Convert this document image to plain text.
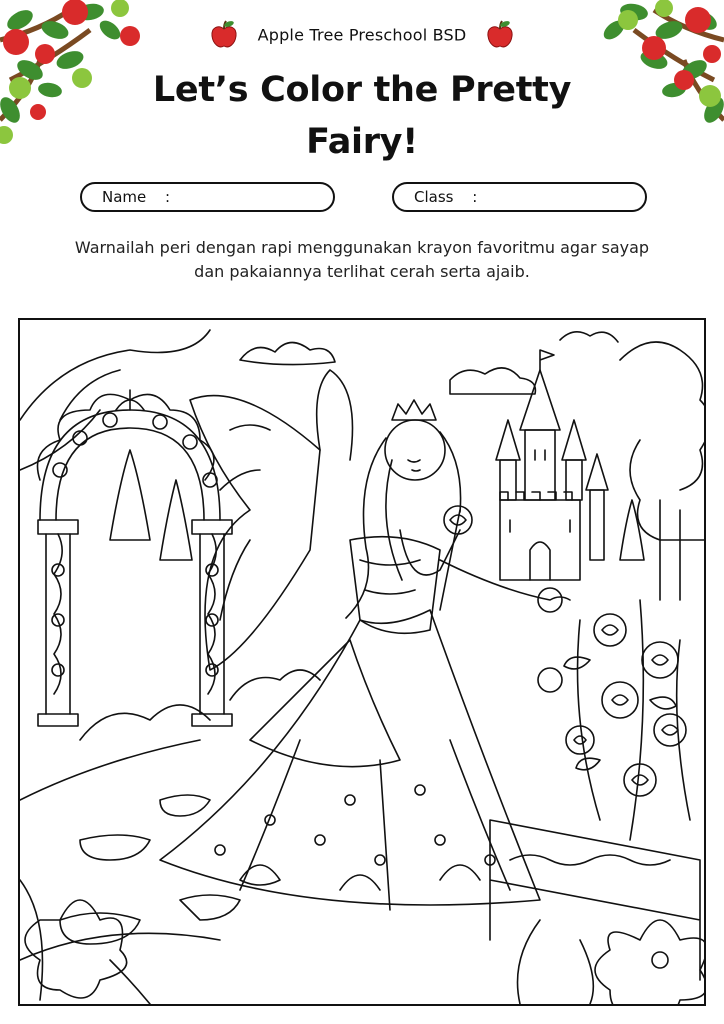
Apple Tree Preschool BSD
Let’s Color the Pretty Fairy!
Name :	Class :
Warnailah peri dengan rapi menggunakan krayon favoritmu agar sayap dan pakaiannya terlihat cerah serta ajaib.
